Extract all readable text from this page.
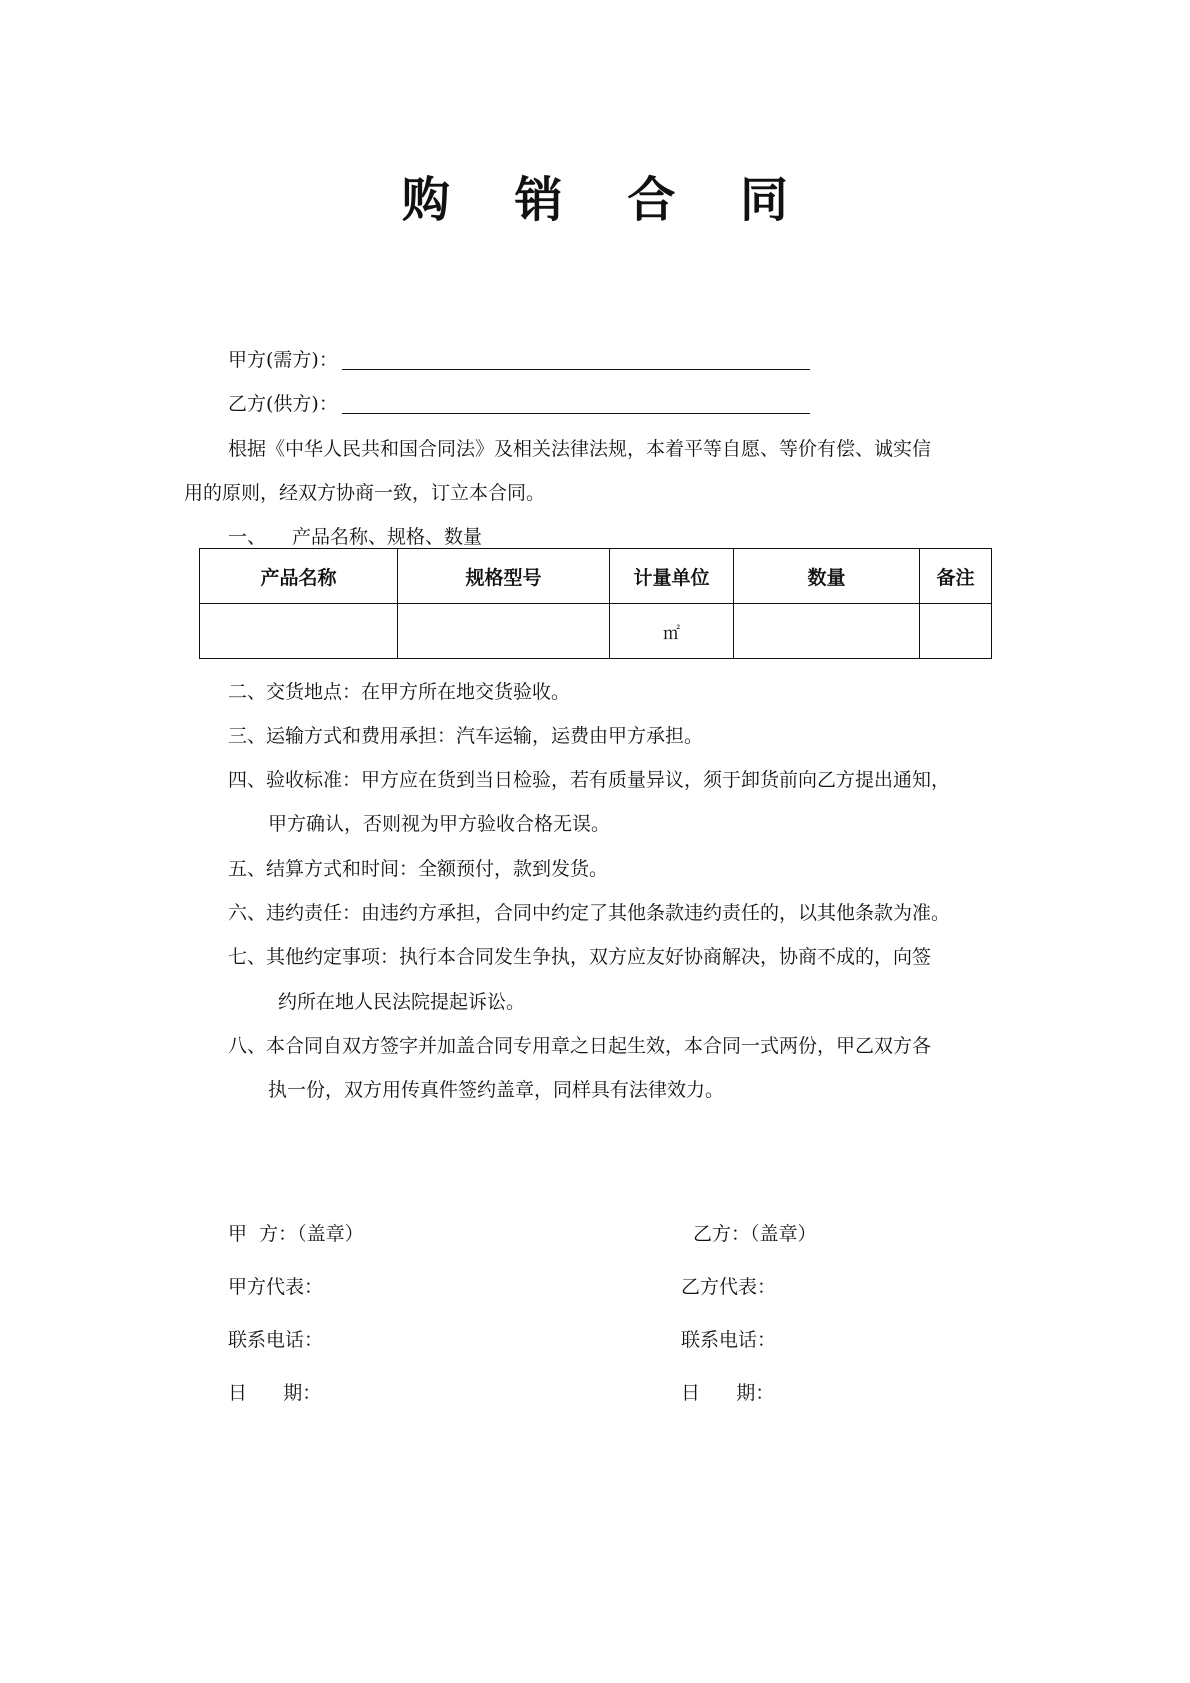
购 销 合 同
甲方(需方)：
乙方(供方)：
根据《中华人民共和国合同法》及相关法律法规，本着平等自愿、等价有偿、诚实信
用的原则，经双方协商一致，订立本合同。
一、 产品名称、规格、数量
产品名称	规格型号	计量单位	数量	备注
		㎡		
二、交货地点：在甲方所在地交货验收。
三、运输方式和费用承担：汽车运输，运费由甲方承担。
四、验收标准：甲方应在货到当日检验，若有质量异议，须于卸货前向乙方提出通知，
甲方确认，否则视为甲方验收合格无误。
五、结算方式和时间：全额预付，款到发货。
六、违约责任：由违约方承担，合同中约定了其他条款违约责任的，以其他条款为准。
七、其他约定事项：执行本合同发生争执，双方应友好协商解决，协商不成的，向签
约所在地人民法院提起诉讼。
八、本合同自双方签字并加盖合同专用章之日起生效，本合同一式两份，甲乙双方各
执一份，双方用传真件签约盖章，同样具有法律效力。
甲  方：（盖章）
甲方代表：
联系电话：
日      期：
乙方：（盖章）
乙方代表：
联系电话：
日      期：
